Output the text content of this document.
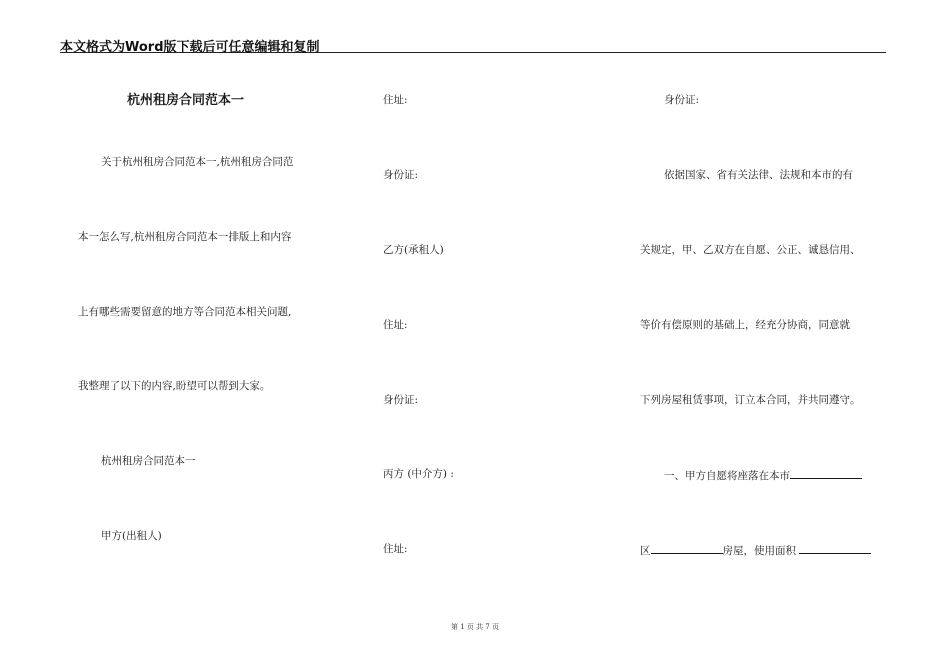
本文格式为Word版下载后可任意编辑和复制
杭州租房合同范本一
关于杭州租房合同范本一,杭州租房合同范
本一怎么写,杭州租房合同范本一排版上和内容
上有哪些需要留意的地方等合同范本相关问题,
我整理了以下的内容,盼望可以帮到大家。
杭州租房合同范本一
甲方(出租人)
住址:
身份证:
乙方(承租人)
住址:
身份证:
丙方 (中介方) :
住址:
身份证:
依据国家、省有关法律、法规和本市的有
关规定，甲、乙双方在自愿、公正、诚恳信用、
等价有偿原则的基础上，经充分协商，同意就
下列房屋租赁事项，订立本合同，并共同遵守。
一、甲方自愿将座落在本市
区	房屋，使用面积
第 1 页 共 7 页
